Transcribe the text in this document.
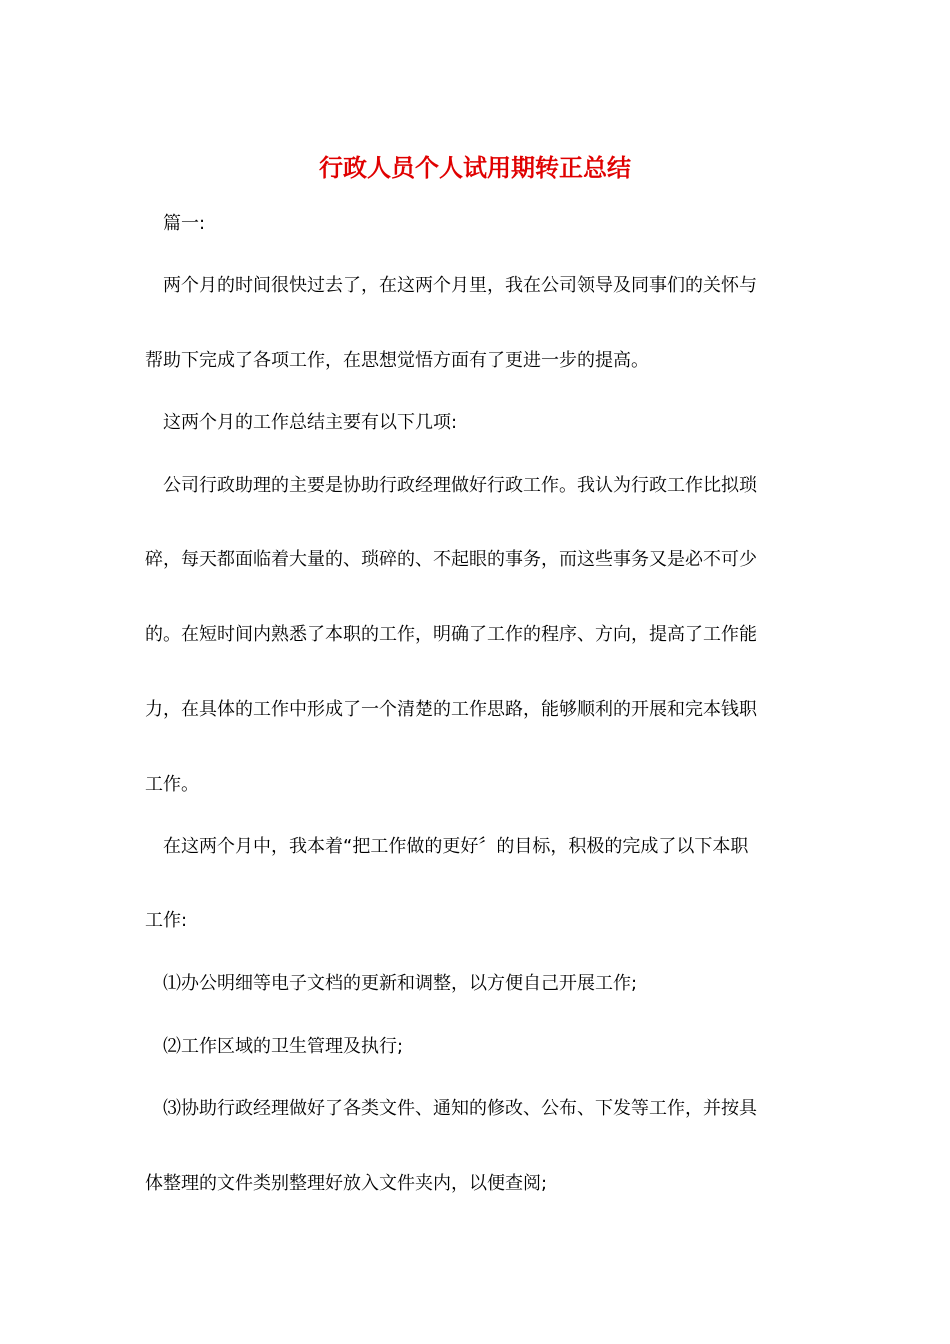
行政人员个人试用期转正总结
篇一:
两个月的时间很快过去了，在这两个月里，我在公司领导及同事们的关怀与
帮助下完成了各项工作，在思想觉悟方面有了更进一步的提高。
这两个月的工作总结主要有以下几项:
公司行政助理的主要是协助行政经理做好行政工作。我认为行政工作比拟琐
碎，每天都面临着大量的、琐碎的、不起眼的事务，而这些事务又是必不可少
的。在短时间内熟悉了本职的工作，明确了工作的程序、方向，提高了工作能
力，在具体的工作中形成了一个清楚的工作思路，能够顺利的开展和完本钱职
工作。
在这两个月中，我本着“把工作做的更好〞的目标，积极的完成了以下本职
工作:
⑴办公明细等电子文档的更新和调整，以方便自己开展工作;
⑵工作区域的卫生管理及执行;
⑶协助行政经理做好了各类文件、通知的修改、公布、下发等工作，并按具
体整理的文件类别整理好放入文件夹内，以便查阅;
